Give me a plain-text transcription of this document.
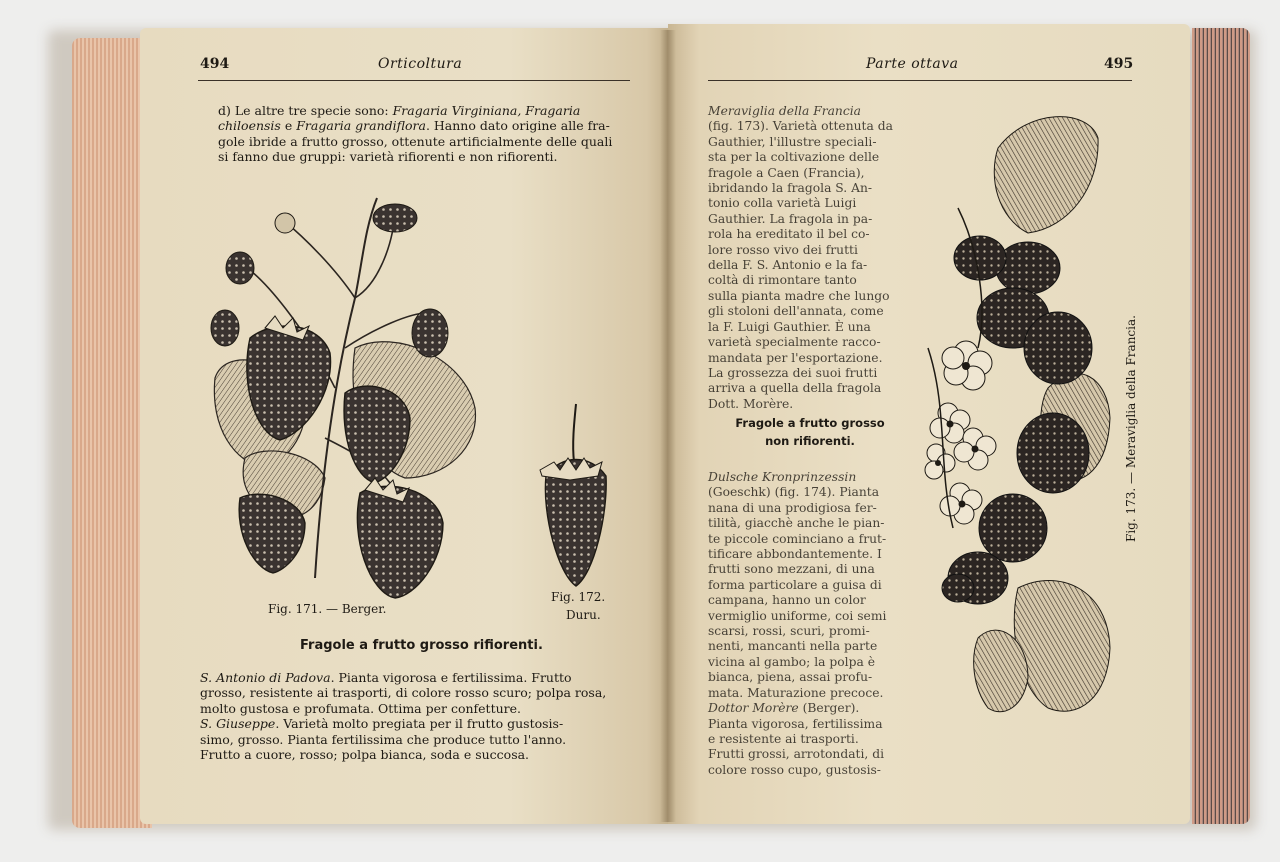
494	Orticoltura	Parte ottava	495
d) Le altre tre specie sono: Fragaria Virginiana, Fragaria
chiloensis e Fragaria grandiflora. Hanno dato origine alle fra-
gole ibride a frutto grosso, ottenute artificialmente delle quali
si fanno due gruppi: varietà rifiorenti e non rifiorenti.
Fig. 171. — Berger.
Fig. 172.
Duru.
Fragole a frutto grosso rifiorenti.
S. Antonio di Padova. Pianta vigorosa e fertilissima. Frutto
grosso, resistente ai trasporti, di colore rosso scuro; polpa rosa,
molto gustosa e profumata. Ottima per confetture.
S. Giuseppe. Varietà molto pregiata per il frutto gustosis-
simo, grosso. Pianta fertilissima che produce tutto l'anno.
Frutto a cuore, rosso; polpa bianca, soda e succosa.
Meraviglia della Francia
(fig. 173). Varietà ottenuta da
Gauthier, l'illustre speciali-
sta per la coltivazione delle
fragole a Caen (Francia),
ibridando la fragola S. An-
tonio colla varietà Luigi
Gauthier. La fragola in pa-
rola ha ereditato il bel co-
lore rosso vivo dei frutti
della F. S. Antonio e la fa-
coltà di rimontare tanto
sulla pianta madre che lungo
gli stoloni dell'annata, come
la F. Luigi Gauthier. È una
varietà specialmente racco-
mandata per l'esportazione.
La grossezza dei suoi frutti
arriva a quella della fragola
Dott. Morère.
Fragole a frutto grosso
non rifiorenti.
Dulsche Kronprinzessin
(Goeschk) (fig. 174). Pianta
nana di una prodigiosa fer-
tilità, giacchè anche le pian-
te piccole cominciano a frut-
tificare abbondantemente. I
frutti sono mezzani, di una
forma particolare a guisa di
campana, hanno un color
vermiglio uniforme, coi semi
scarsi, rossi, scuri, promi-
nenti, mancanti nella parte
vicina al gambo; la polpa è
bianca, piena, assai profu-
mata. Maturazione precoce.
Dottor Morère (Berger).
Pianta vigorosa, fertilissima
e resistente ai trasporti.
Frutti grossi, arrotondati, di
colore rosso cupo, gustosis-
Fig. 173. — Meraviglia della Francia.
